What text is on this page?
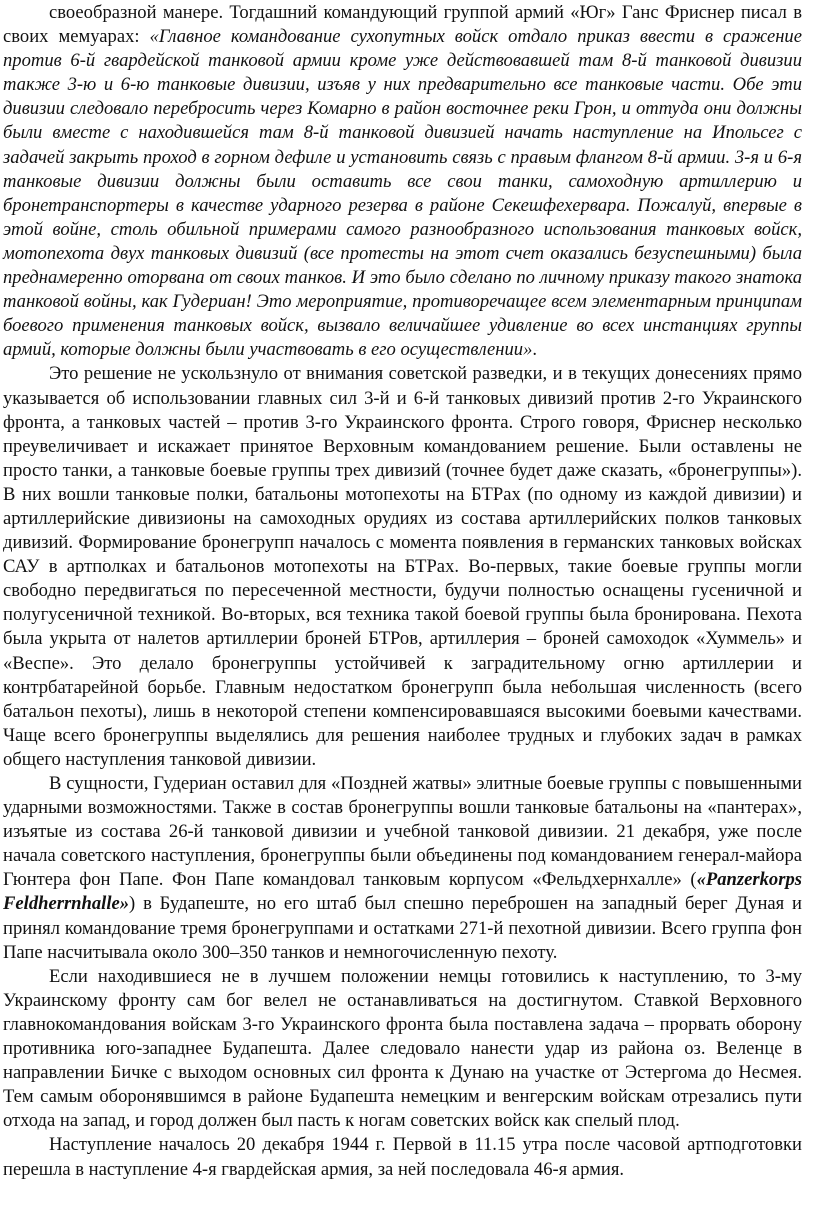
своеобразной манере. Тогдашний командующий группой армий «Юг» Ганс Фриснер писал в своих мемуарах: «Главное командование сухопутных войск отдало приказ ввести в сражение против 6-й гвардейской танковой армии кроме уже действовавшей там 8-й танковой дивизии также 3-ю и 6-ю танковые дивизии, изъяв у них предварительно все танковые части. Обе эти дивизии следовало перебросить через Комарно в район восточнее реки Грон, и оттуда они должны были вместе с находившейся там 8-й танковой дивизией начать наступление на Ипольсег с задачей закрыть проход в горном дефиле и установить связь с правым флангом 8-й армии. 3-я и 6-я танковые дивизии должны были оставить все свои танки, самоходную артиллерию и бронетранспортеры в качестве ударного резерва в районе Секешфехервара. Пожалуй, впервые в этой войне, столь обильной примерами самого разнообразного использования танковых войск, мотопехота двух танковых дивизий (все протесты на этот счет оказались безуспешными) была преднамеренно оторвана от своих танков. И это было сделано по личному приказу такого знатока танковой войны, как Гудериан! Это мероприятие, противоречащее всем элементарным принципам боевого применения танковых войск, вызвало величайшее удивление во всех инстанциях группы армий, которые должны были участвовать в его осуществлении».

Это решение не ускользнуло от внимания советской разведки, и в текущих донесениях прямо указывается об использовании главных сил 3-й и 6-й танковых дивизий против 2-го Украинского фронта, а танковых частей – против 3-го Украинского фронта. Строго говоря, Фриснер несколько преувеличивает и искажает принятое Верховным командованием решение. Были оставлены не просто танки, а танковые боевые группы трех дивизий (точнее будет даже сказать, «бронегруппы»). В них вошли танковые полки, батальоны мотопехоты на БТРах (по одному из каждой дивизии) и артиллерийские дивизионы на самоходных орудиях из состава артиллерийских полков танковых дивизий. Формирование бронегрупп началось с момента появления в германских танковых войсках САУ в артполках и батальонов мотопехоты на БТРах. Во-первых, такие боевые группы могли свободно передвигаться по пересеченной местности, будучи полностью оснащены гусеничной и полугусеничной техникой. Во-вторых, вся техника такой боевой группы была бронирована. Пехота была укрыта от налетов артиллерии броней БТРов, артиллерия – броней самоходок «Хуммель» и «Веспе». Это делало бронегруппы устойчивей к заградительному огню артиллерии и контрбатарейной борьбе. Главным недостатком бронегрупп была небольшая численность (всего батальон пехоты), лишь в некоторой степени компенсировавшаяся высокими боевыми качествами. Чаще всего бронегруппы выделялись для решения наиболее трудных и глубоких задач в рамках общего наступления танковой дивизии.

В сущности, Гудериан оставил для «Поздней жатвы» элитные боевые группы с повышенными ударными возможностями. Также в состав бронегруппы вошли танковые батальоны на «пантерах», изъятые из состава 26-й танковой дивизии и учебной танковой дивизии. 21 декабря, уже после начала советского наступления, бронегруппы были объединены под командованием генерал-майора Гюнтера фон Папе. Фон Папе командовал танковым корпусом «Фельдхернхалле» («Panzerkorps Feldherrnhalle») в Будапеште, но его штаб был спешно переброшен на западный берег Дуная и принял командование тремя бронегруппами и остатками 271-й пехотной дивизии. Всего группа фон Папе насчитывала около 300–350 танков и немногочисленную пехоту.

Если находившиеся не в лучшем положении немцы готовились к наступлению, то 3-му Украинскому фронту сам бог велел не останавливаться на достигнутом. Ставкой Верховного главнокомандования войскам 3-го Украинского фронта была поставлена задача – прорвать оборону противника юго-западнее Будапешта. Далее следовало нанести удар из района оз. Веленце в направлении Бичке с выходом основных сил фронта к Дунаю на участке от Эстергома до Несмея. Тем самым оборонявшимся в районе Будапешта немецким и венгерским войскам отрезались пути отхода на запад, и город должен был пасть к ногам советских войск как спелый плод.

Наступление началось 20 декабря 1944 г. Первой в 11.15 утра после часовой артподготовки перешла в наступление 4-я гвардейская армия, за ней последовала 46-я армия.
